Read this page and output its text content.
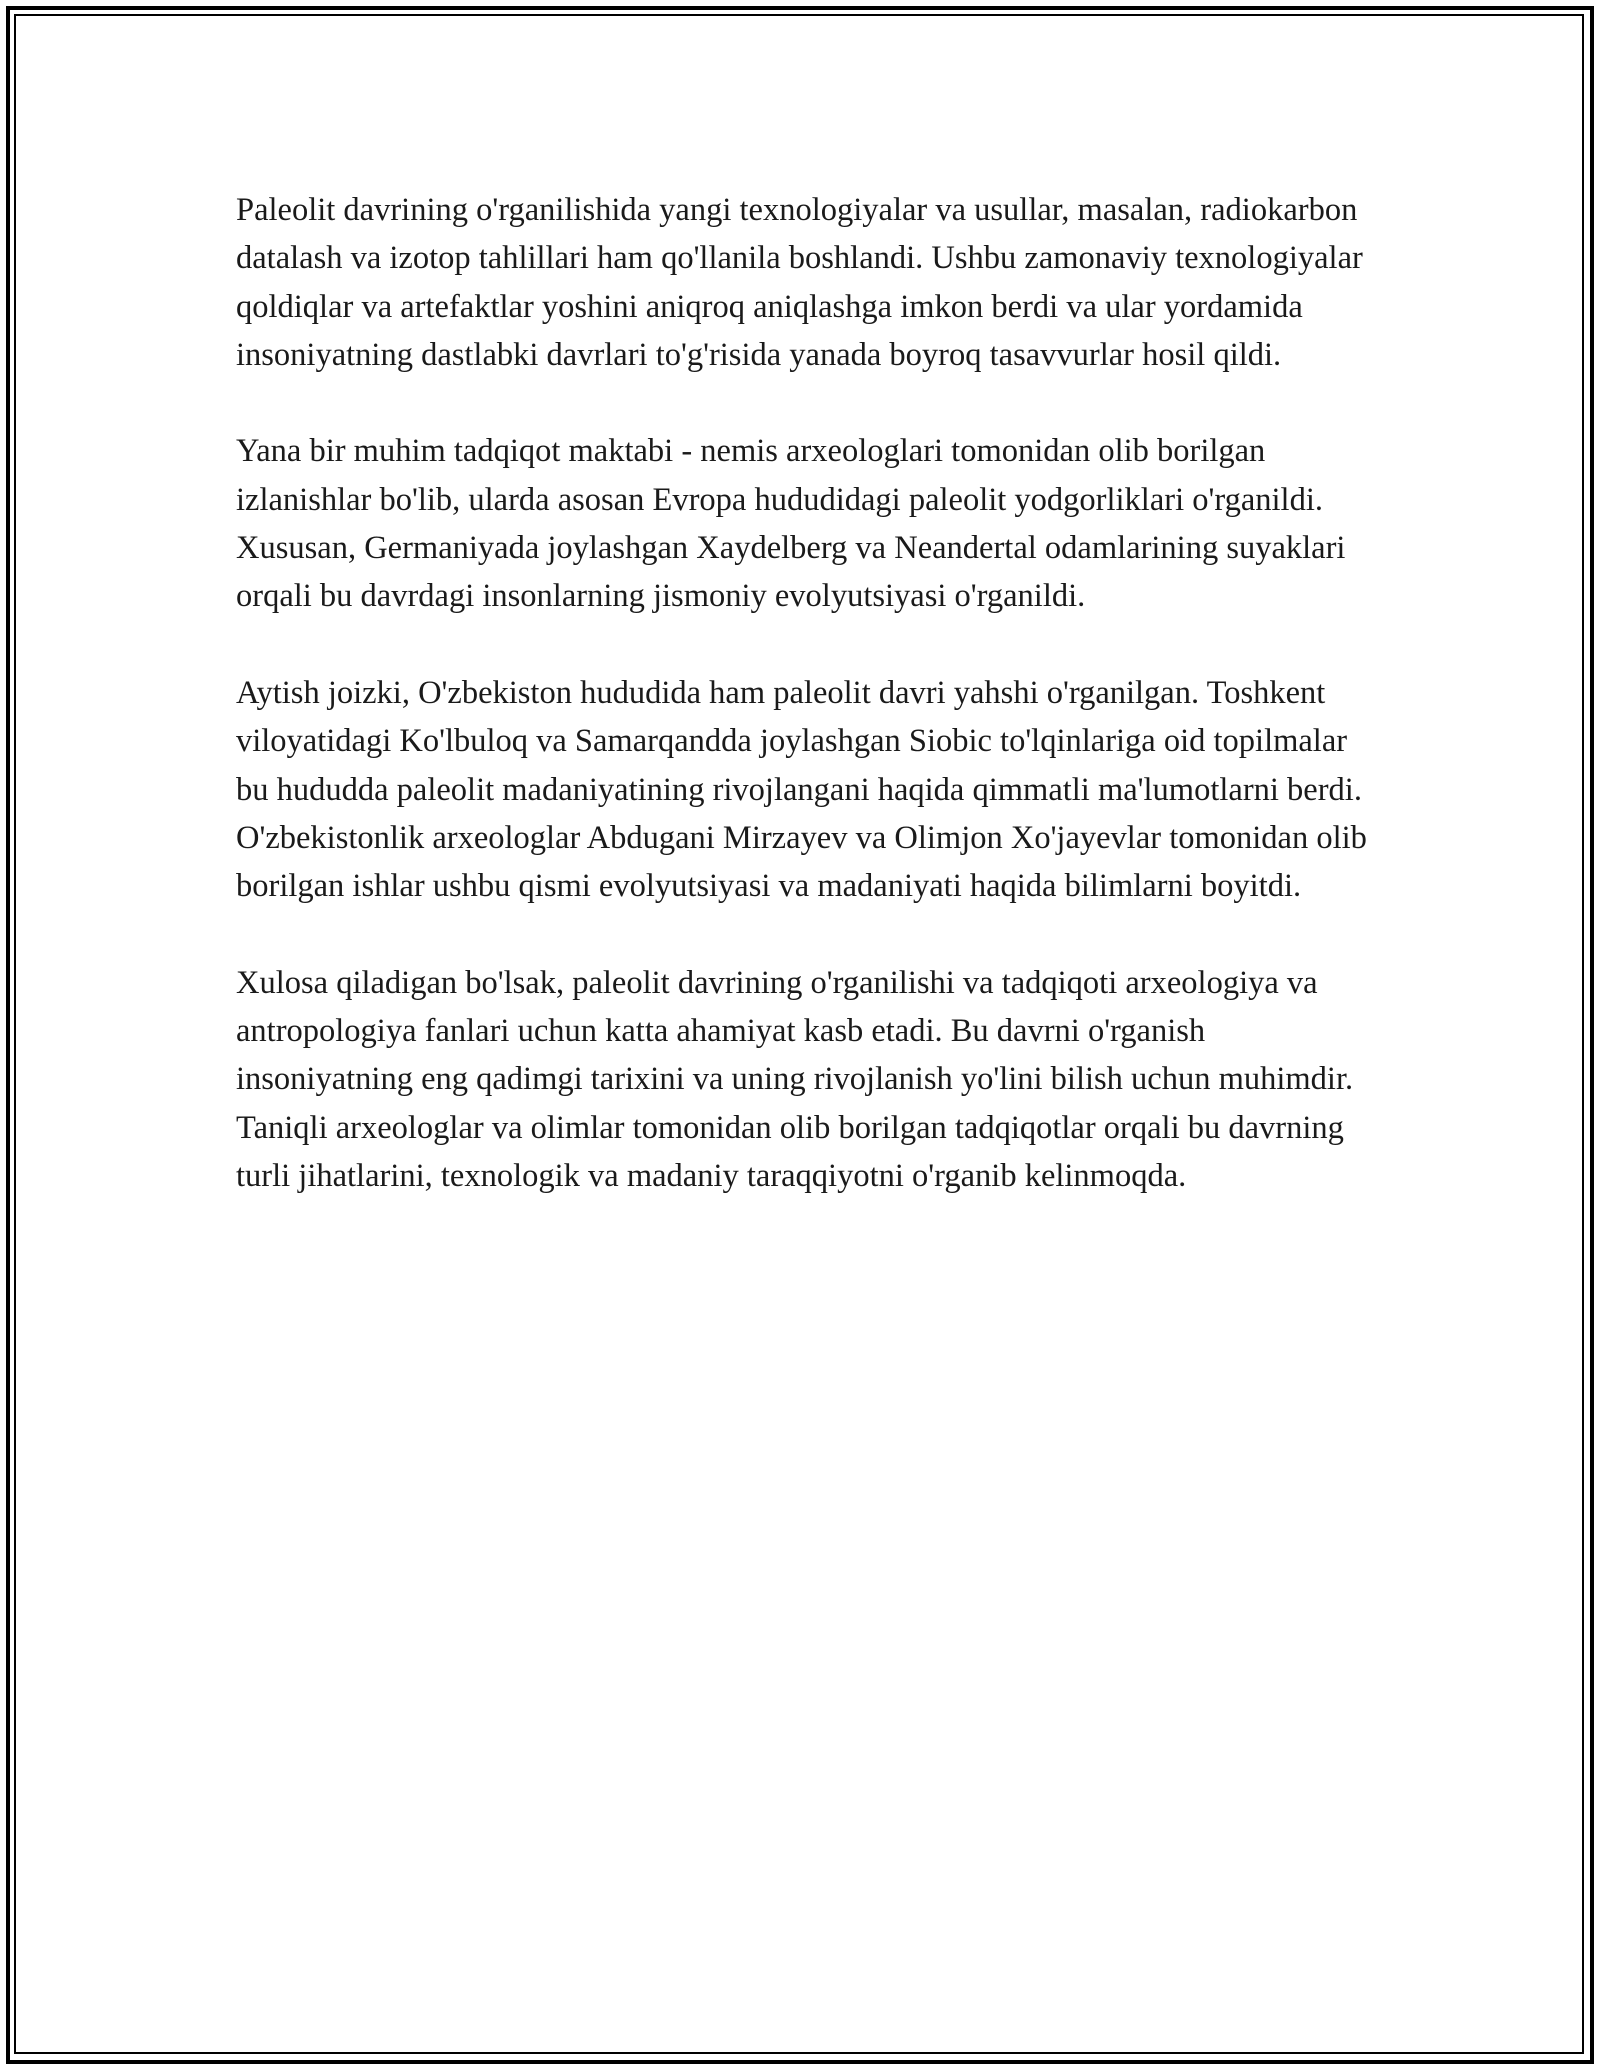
Paleolit davrining o'rganilishida yangi texnologiyalar va usullar, masalan, radiokarbon datalash va izotop tahlillari ham qo'llanila boshlandi. Ushbu zamonaviy texnologiyalar qoldiqlar va artefaktlar yoshini aniqroq aniqlashga imkon berdi va ular yordamida insoniyatning dastlabki davrlari to'g'risida yanada boyroq tasavvurlar hosil qildi.

Yana bir muhim tadqiqot maktabi - nemis arxeologlari tomonidan olib borilgan izlanishlar bo'lib, ularda asosan Evropa hududidagi paleolit yodgorliklari o'rganildi. Xususan, Germaniyada joylashgan Xaydelberg va Neandertal odamlarining suyaklari orqali bu davrdagi insonlarning jismoniy evolyutsiyasi o'rganildi.

Aytish joizki, O'zbekiston hududida ham paleolit davri yahshi o'rganilgan. Toshkent viloyatidagi Ko'lbuloq va Samarqandda joylashgan Siobic to'lqinlariga oid topilmalar bu hududda paleolit madaniyatining rivojlangani haqida qimmatli ma'lumotlarni berdi. O'zbekistonlik arxeologlar Abdugani Mirzayev va Olimjon Xo'jayevlar tomonidan olib borilgan ishlar ushbu qismi evolyutsiyasi va madaniyati haqida bilimlarni boyitdi.

Xulosa qiladigan bo'lsak, paleolit davrining o'rganilishi va tadqiqoti arxeologiya va antropologiya fanlari uchun katta ahamiyat kasb etadi. Bu davrni o'rganish insoniyatning eng qadimgi tarixini va uning rivojlanish yo'lini bilish uchun muhimdir. Taniqli arxeologlar va olimlar tomonidan olib borilgan tadqiqotlar orqali bu davrning turli jihatlarini, texnologik va madaniy taraqqiyotni o'rganib kelinmoqda.
